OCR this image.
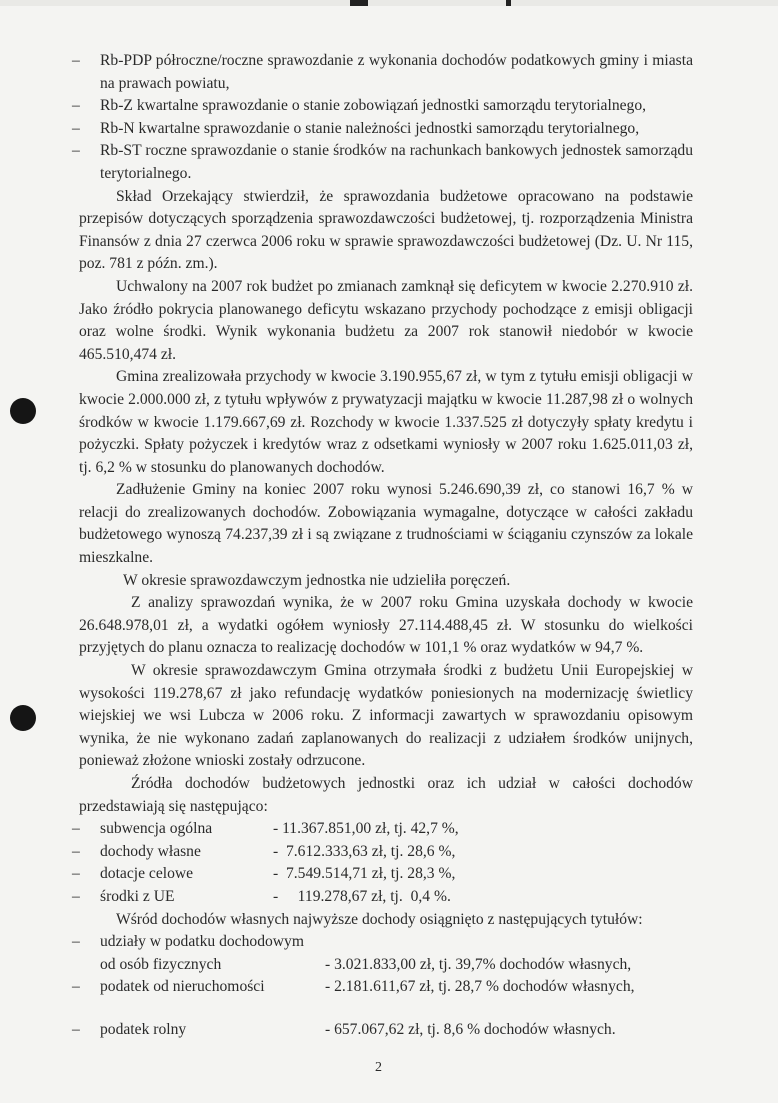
– Rb-PDP półroczne/roczne sprawozdanie z wykonania dochodów podatkowych gminy i miasta na prawach powiatu,
– Rb-Z kwartalne sprawozdanie o stanie zobowiązań jednostki samorządu terytorialnego,
– Rb-N kwartalne sprawozdanie o stanie należności jednostki samorządu terytorialnego,
– Rb-ST roczne sprawozdanie o stanie środków na rachunkach bankowych jednostek samorządu terytorialnego.
Skład Orzekający stwierdził, że sprawozdania budżetowe opracowano na podstawie przepisów dotyczących sporządzenia sprawozdawczości budżetowej, tj. rozporządzenia Ministra Finansów z dnia 27 czerwca 2006 roku w sprawie sprawozdawczości budżetowej (Dz. U. Nr 115, poz. 781 z późn. zm.).
Uchwalony na 2007 rok budżet po zmianach zamknął się deficytem w kwocie 2.270.910 zł. Jako źródło pokrycia planowanego deficytu wskazano przychody pochodzące z emisji obligacji oraz wolne środki. Wynik wykonania budżetu za 2007 rok stanowił niedobór w kwocie 465.510,474 zł.
Gmina zrealizowała przychody w kwocie 3.190.955,67 zł, w tym z tytułu emisji obligacji w kwocie 2.000.000 zł, z tytułu wpływów z prywatyzacji majątku w kwocie 11.287,98 zł o wolnych środków w kwocie 1.179.667,69 zł. Rozchody w kwocie 1.337.525 zł dotyczyły spłaty kredytu i pożyczki. Spłaty pożyczek i kredytów wraz z odsetkami wyniosły w 2007 roku 1.625.011,03 zł, tj. 6,2 % w stosunku do planowanych dochodów.
Zadłużenie Gminy na koniec 2007 roku wynosi 5.246.690,39 zł, co stanowi 16,7 % w relacji do zrealizowanych dochodów. Zobowiązania wymagalne, dotyczące w całości zakładu budżetowego wynoszą 74.237,39 zł i są związane z trudnościami w ściąganiu czynszów za lokale mieszkalne.
W okresie sprawozdawczym jednostka nie udzieliła poręczeń.
Z analizy sprawozdań wynika, że w 2007 roku Gmina uzyskała dochody w kwocie 26.648.978,01 zł, a wydatki ogółem wyniosły 27.114.488,45 zł. W stosunku do wielkości przyjętych do planu oznacza to realizację dochodów w 101,1 % oraz wydatków w 94,7 %.
W okresie sprawozdawczym Gmina otrzymała środki z budżetu Unii Europejskiej w wysokości 119.278,67 zł jako refundację wydatków poniesionych na modernizację świetlicy wiejskiej we wsi Lubcza w 2006 roku. Z informacji zawartych w sprawozdaniu opisowym wynika, że nie wykonano zadań zaplanowanych do realizacji z udziałem środków unijnych, ponieważ złożone wnioski zostały odrzucone.
Źródła dochodów budżetowych jednostki oraz ich udział w całości dochodów przedstawiają się następująco:
– subwencja ogólna	- 11.367.851,00 zł, tj. 42,7 %,
– dochody własne	-  7.612.333,63 zł, tj. 28,6 %,
– dotacje celowe	-  7.549.514,71 zł, tj. 28,3 %,
– środki z UE	-     119.278,67 zł, tj.  0,4 %.
Wśród dochodów własnych najwyższe dochody osiągnięto z następujących tytułów:
– udziały w podatku dochodowym
od osób fizycznych	- 3.021.833,00 zł, tj. 39,7% dochodów własnych,
– podatek od nieruchomości	- 2.181.611,67 zł, tj. 28,7 % dochodów własnych,
– podatek rolny	- 657.067,62 zł, tj. 8,6 % dochodów własnych.
2
